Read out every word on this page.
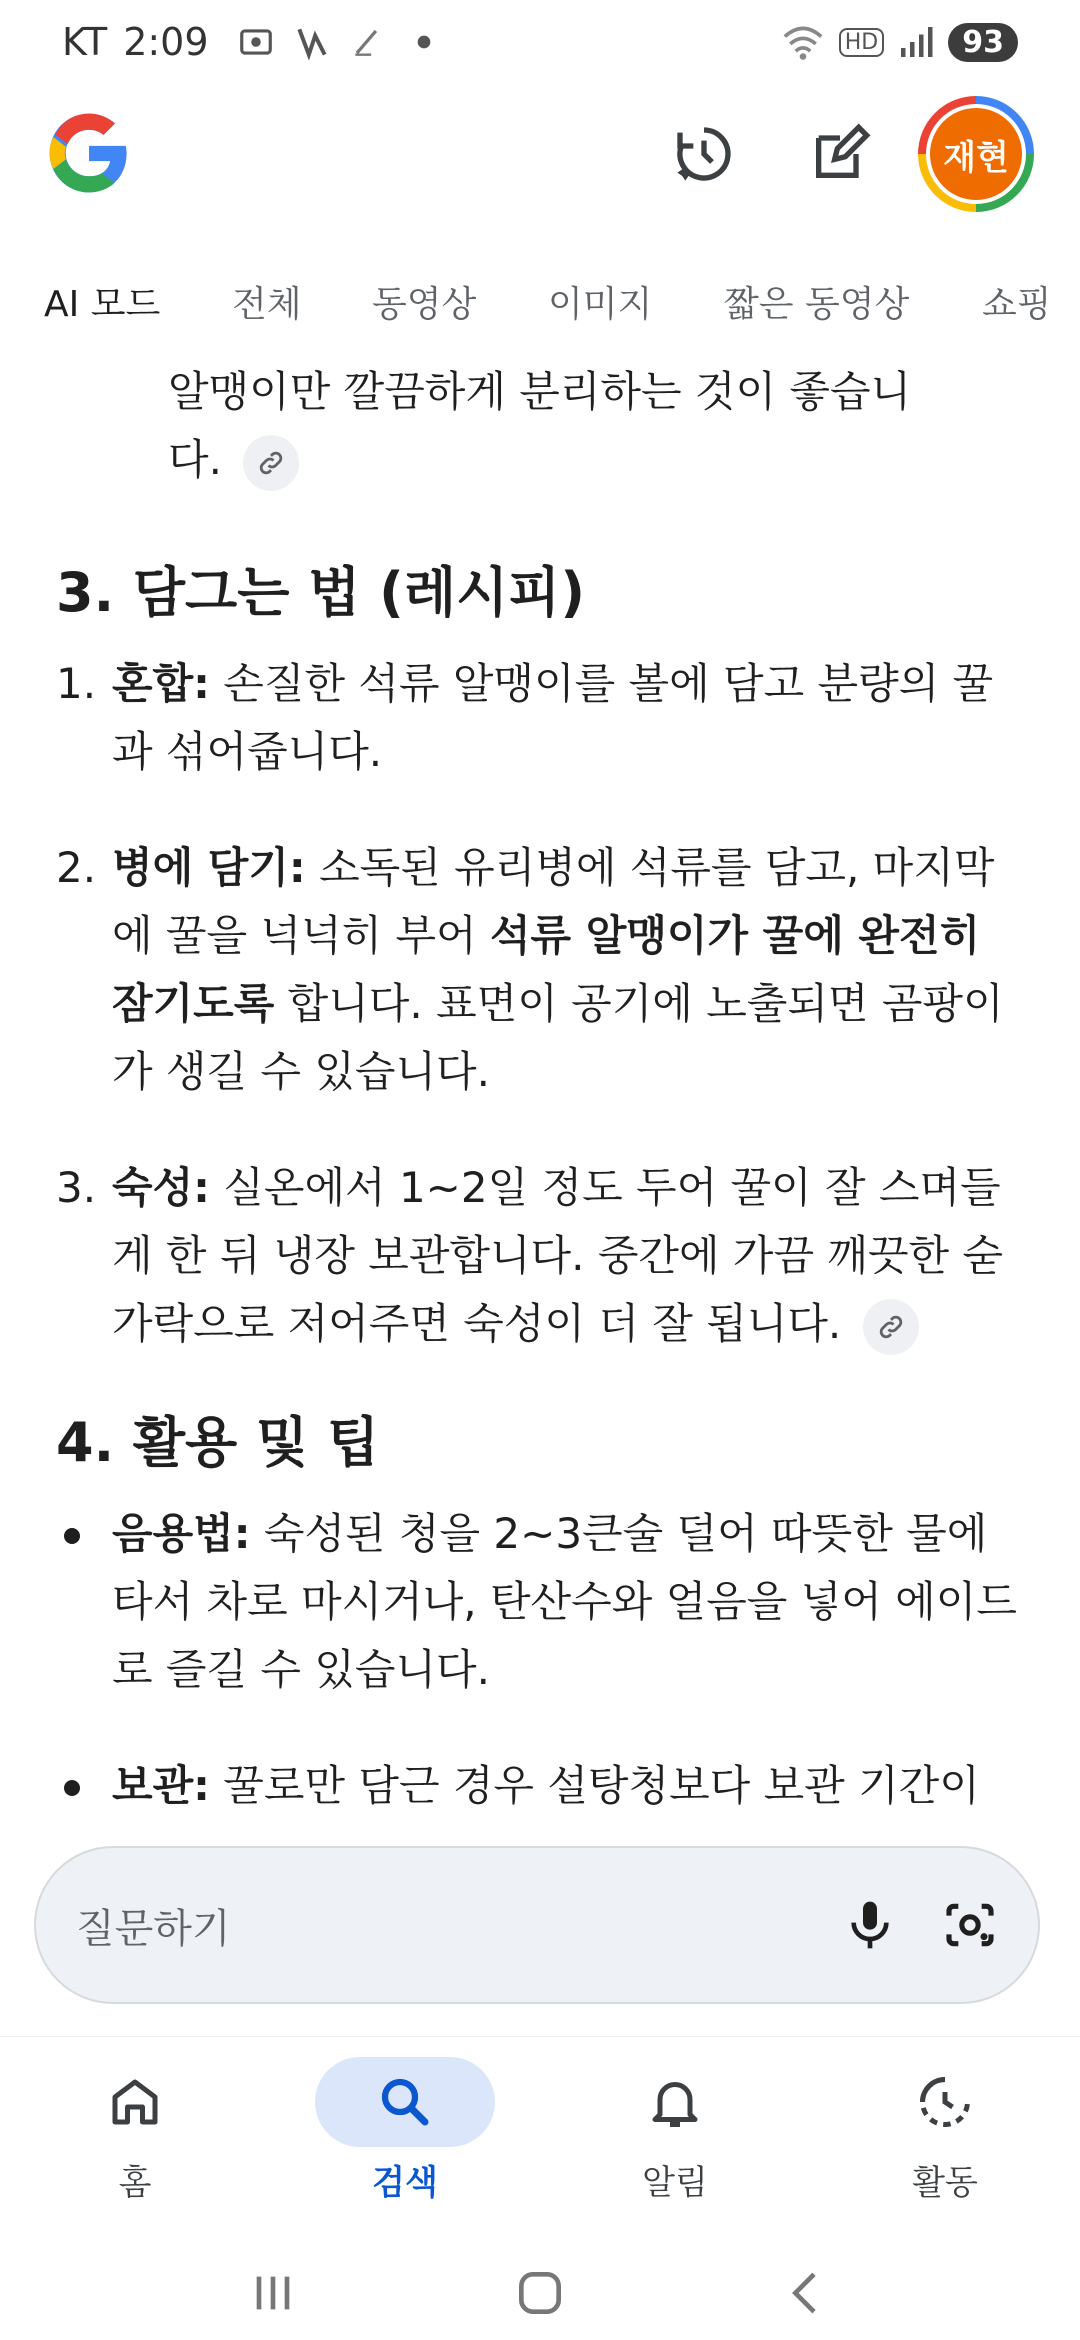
KT 2:09	HD	93
재현
AI 모드 전체 동영상 이미지 짧은 동영상 쇼핑
알맹이만 깔끔하게 분리하는 것이 좋습니
다.
3. 담그는 법 (레시피)
1. 혼합: 손질한 석류 알맹이를 볼에 담고 분량의 꿀과 섞어줍니다.
2. 병에 담기: 소독된 유리병에 석류를 담고, 마지막에 꿀을 넉넉히 부어 석류 알맹이가 꿀에 완전히 잠기도록 합니다. 표면이 공기에 노출되면 곰팡이가 생길 수 있습니다.
3. 숙성: 실온에서 1~2일 정도 두어 꿀이 잘 스며들게 한 뒤 냉장 보관합니다. 중간에 가끔 깨끗한 숟가락으로 저어주면 숙성이 더 잘 됩니다.
4. 활용 및 팁
음용법: 숙성된 청을 2~3큰술 덜어 따뜻한 물에 타서 차로 마시거나, 탄산수와 얼음을 넣어 에이드로 즐길 수 있습니다.
보관: 꿀로만 담근 경우 설탕청보다 보관 기간이
질문하기
홈	검색	알림	활동
